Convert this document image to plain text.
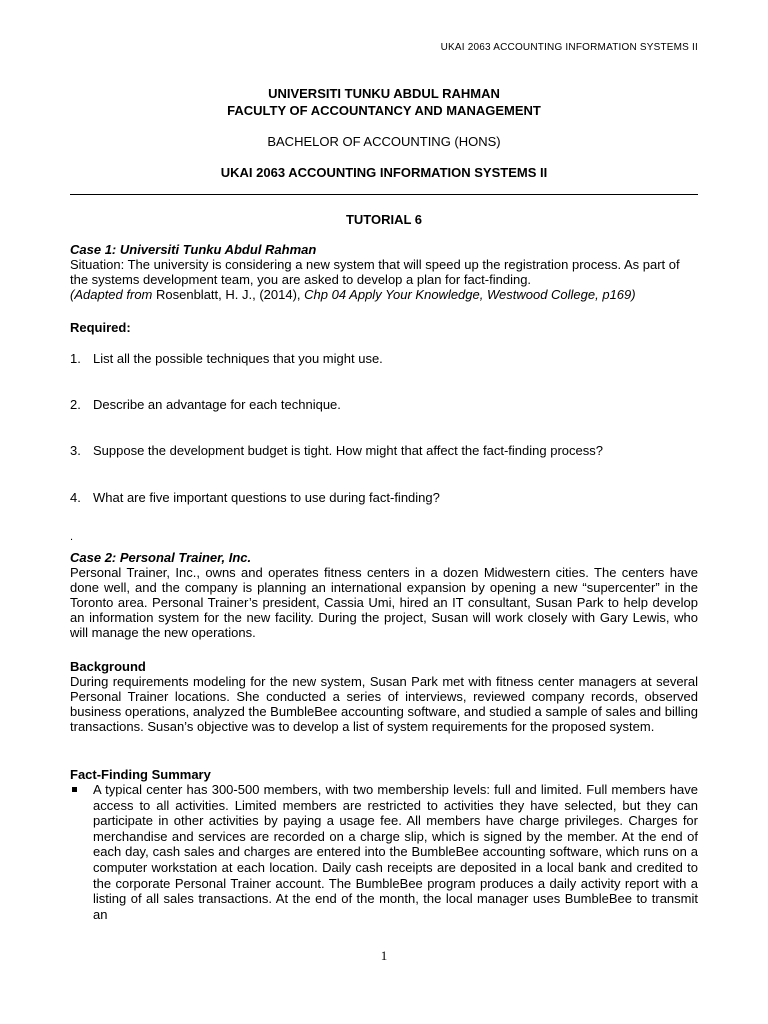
UKAI 2063 ACCOUNTING INFORMATION SYSTEMS II
UNIVERSITI TUNKU ABDUL RAHMAN
FACULTY OF ACCOUNTANCY AND MANAGEMENT
BACHELOR OF ACCOUNTING (HONS)
UKAI 2063 ACCOUNTING INFORMATION SYSTEMS II
TUTORIAL 6
Case 1: Universiti Tunku Abdul Rahman
Situation: The university is considering a new system that will speed up the registration process. As part of the systems development team, you are asked to develop a plan for fact-finding.
(Adapted from Rosenblatt, H. J., (2014), Chp 04 Apply Your Knowledge, Westwood College, p169)
Required:
1. List all the possible techniques that you might use.
2. Describe an advantage for each technique.
3. Suppose the development budget is tight. How might that affect the fact-finding process?
4. What are five important questions to use during fact-finding?
.
Case 2: Personal Trainer, Inc.
Personal Trainer, Inc., owns and operates fitness centers in a dozen Midwestern cities. The centers have done well, and the company is planning an international expansion by opening a new “supercenter” in the Toronto area. Personal Trainer’s president, Cassia Umi, hired an IT consultant, Susan Park to help develop an information system for the new facility. During the project, Susan will work closely with Gary Lewis, who will manage the new operations.
Background
During requirements modeling for the new system, Susan Park met with fitness center managers at several Personal Trainer locations. She conducted a series of interviews, reviewed company records, observed business operations, analyzed the BumbleBee accounting software, and studied a sample of sales and billing transactions. Susan’s objective was to develop a list of system requirements for the proposed system.
Fact-Finding Summary
A typical center has 300-500 members, with two membership levels: full and limited. Full members have access to all activities. Limited members are restricted to activities they have selected, but they can participate in other activities by paying a usage fee. All members have charge privileges. Charges for merchandise and services are recorded on a charge slip, which is signed by the member. At the end of each day, cash sales and charges are entered into the BumbleBee accounting software, which runs on a computer workstation at each location. Daily cash receipts are deposited in a local bank and credited to the corporate Personal Trainer account. The BumbleBee program produces a daily activity report with a listing of all sales transactions. At the end of the month, the local manager uses BumbleBee to transmit an
1
